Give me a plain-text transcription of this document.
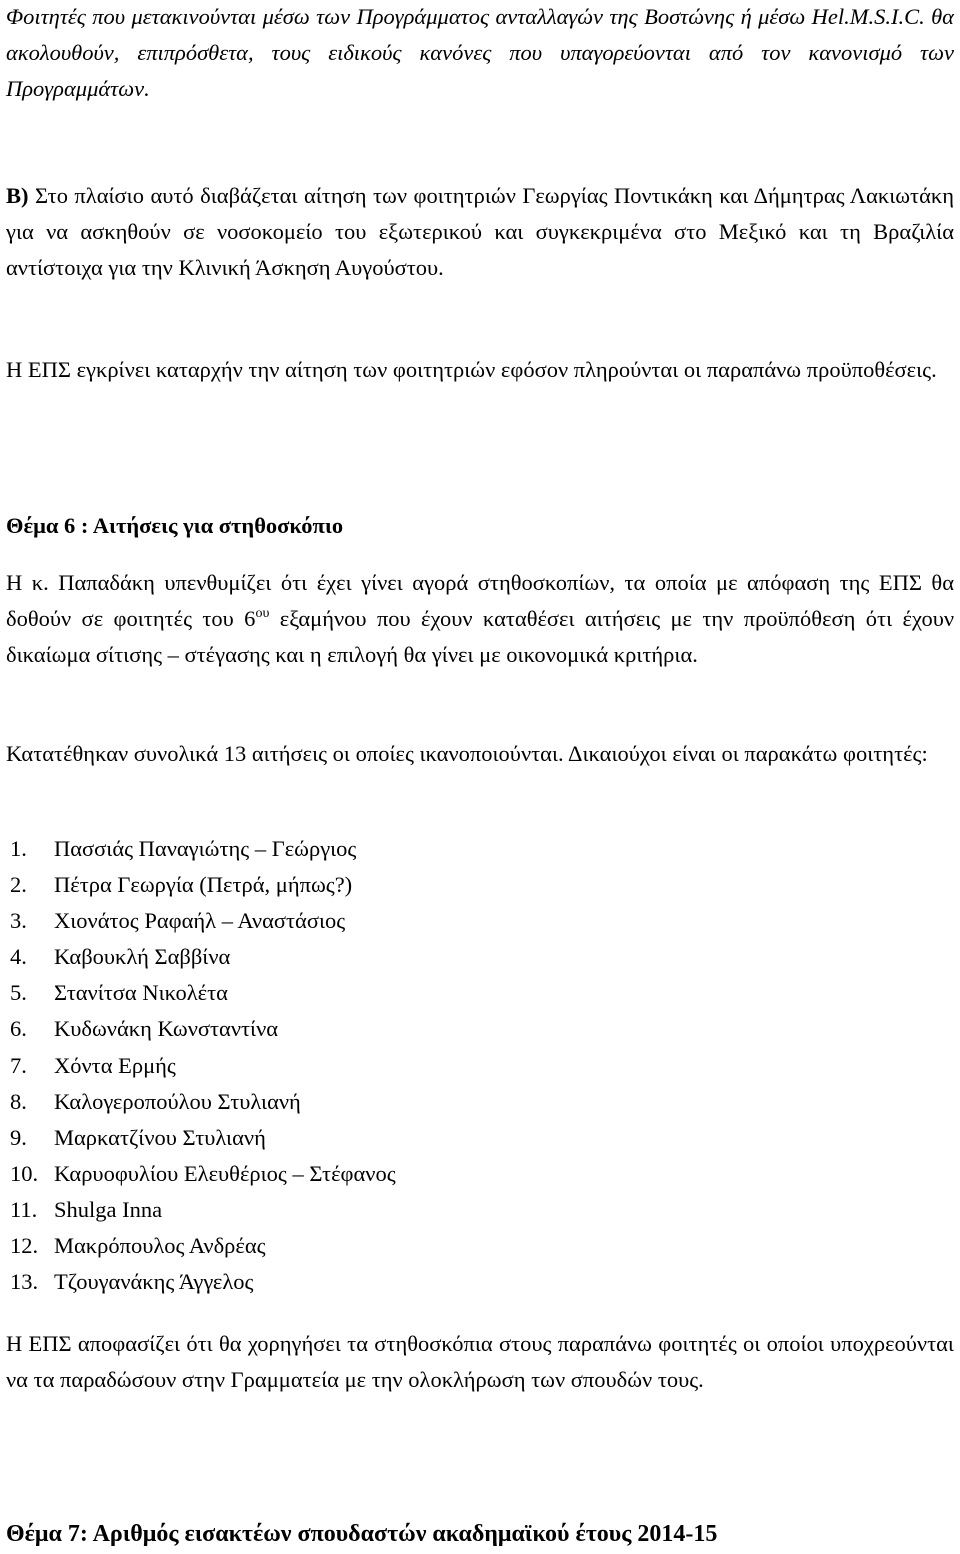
Φοιτητές που μετακινούνται μέσω των Προγράμματος ανταλλαγών της Βοστώνης ή μέσω Hel.M.S.I.C. θα ακολουθούν, επιπρόσθετα, τους ειδικούς κανόνες που υπαγορεύονται από τον κανονισμό των Προγραμμάτων.

Β) Στο πλαίσιο αυτό διαβάζεται αίτηση των φοιτητριών Γεωργίας Ποντικάκη και Δήμητρας Λακιωτάκη για να ασκηθούν σε νοσοκομείο του εξωτερικού και συγκεκριμένα στο Μεξικό και τη Βραζιλία αντίστοιχα για την Κλινική Άσκηση Αυγούστου.

Η ΕΠΣ εγκρίνει καταρχήν την αίτηση των φοιτητριών εφόσον πληρούνται οι παραπάνω προϋποθέσεις.

Θέμα 6 : Αιτήσεις για στηθοσκόπιο

Η κ. Παπαδάκη υπενθυμίζει ότι έχει γίνει αγορά στηθοσκοπίων, τα οποία με απόφαση της ΕΠΣ θα δοθούν σε φοιτητές του $6^{o\upsilon}$ εξαμήνου που έχουν καταθέσει αιτήσεις με την προϋπόθεση ότι έχουν δικαίωμα σίτισης – στέγασης και η επιλογή θα γίνει με οικονομικά κριτήρια.

Κατατέθηκαν συνολικά 13 αιτήσεις οι οποίες ικανοποιούνται. Δικαιούχοι είναι οι παρακάτω φοιτητές:

1.	Πασσιάς Παναγιώτης – Γεώργιος
2.	Πέτρα Γεωργία (Πετρά, μήπως?)
3.	Χιονάτος Ραφαήλ – Αναστάσιος
4.	Καβουκλή Σαββίνα
5.	Στανίτσα Νικολέτα
6.	Κυδωνάκη Κωνσταντίνα
7.	Χόντα Ερμής
8.	Καλογεροπούλου Στυλιανή
9.	Μαρκατζίνου Στυλιανή
10. Καρυοφυλίου Ελευθέριος – Στέφανος
11. Shulga Inna
12. Μακρόπουλος Ανδρέας
13. Τζουγανάκης Άγγελος

Η ΕΠΣ αποφασίζει ότι θα χορηγήσει τα στηθοσκόπια στους παραπάνω φοιτητές οι οποίοι υποχρεούνται να τα παραδώσουν στην Γραμματεία με την ολοκλήρωση των σπουδών τους.

Θέμα 7: Αριθμός εισακτέων σπουδαστών ακαδημαϊκού έτους 2014-15
